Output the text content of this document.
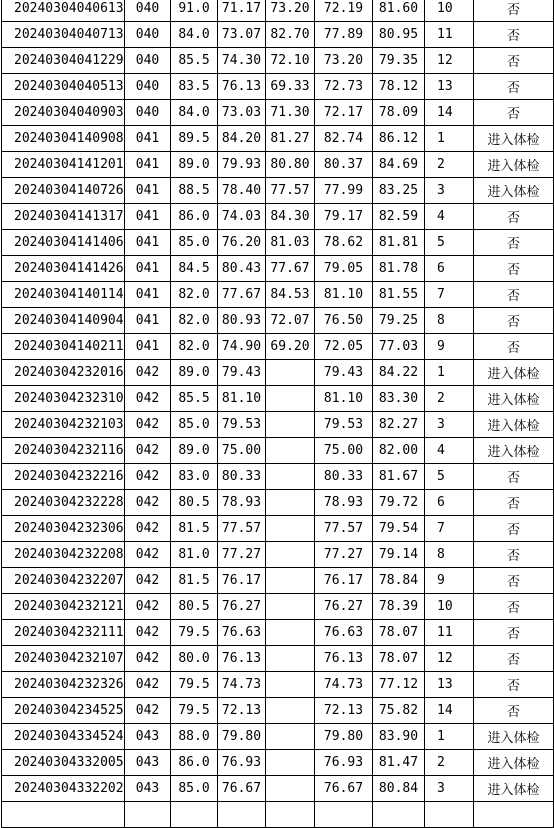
20240304040613	040	91.0	71.17	73.20	72.19	81.60	10	否
20240304040713	040	84.0	73.07	82.70	77.89	80.95	11	否
20240304041229	040	85.5	74.30	72.10	73.20	79.35	12	否
20240304040513	040	83.5	76.13	69.33	72.73	78.12	13	否
20240304040903	040	84.0	73.03	71.30	72.17	78.09	14	否
20240304140908	041	89.5	84.20	81.27	82.74	86.12	1	进入体检
20240304141201	041	89.0	79.93	80.80	80.37	84.69	2	进入体检
20240304140726	041	88.5	78.40	77.57	77.99	83.25	3	进入体检
20240304141317	041	86.0	74.03	84.30	79.17	82.59	4	否
20240304141406	041	85.0	76.20	81.03	78.62	81.81	5	否
20240304141426	041	84.5	80.43	77.67	79.05	81.78	6	否
20240304140114	041	82.0	77.67	84.53	81.10	81.55	7	否
20240304140904	041	82.0	80.93	72.07	76.50	79.25	8	否
20240304140211	041	82.0	74.90	69.20	72.05	77.03	9	否
20240304232016	042	89.0	79.43		79.43	84.22	1	进入体检
20240304232310	042	85.5	81.10		81.10	83.30	2	进入体检
20240304232103	042	85.0	79.53		79.53	82.27	3	进入体检
20240304232116	042	89.0	75.00		75.00	82.00	4	进入体检
20240304232216	042	83.0	80.33		80.33	81.67	5	否
20240304232228	042	80.5	78.93		78.93	79.72	6	否
20240304232306	042	81.5	77.57		77.57	79.54	7	否
20240304232208	042	81.0	77.27		77.27	79.14	8	否
20240304232207	042	81.5	76.17		76.17	78.84	9	否
20240304232121	042	80.5	76.27		76.27	78.39	10	否
20240304232111	042	79.5	76.63		76.63	78.07	11	否
20240304232107	042	80.0	76.13		76.13	78.07	12	否
20240304232326	042	79.5	74.73		74.73	77.12	13	否
20240304234525	042	79.5	72.13		72.13	75.82	14	否
20240304334524	043	88.0	79.80		79.80	83.90	1	进入体检
20240304332005	043	86.0	76.93		76.93	81.47	2	进入体检
20240304332202	043	85.0	76.67		76.67	80.84	3	进入体检
